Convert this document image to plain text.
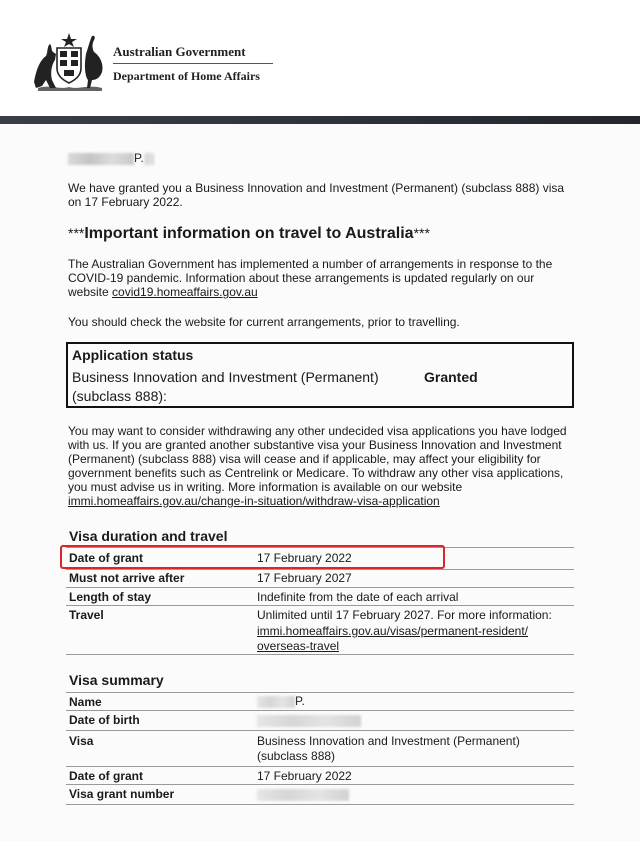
Australian Government
Department of Home Affairs
P.
We have granted you a Business Innovation and Investment (Permanent) (subclass 888) visa on 17 February 2022.
***Important information on travel to Australia***
The Australian Government has implemented a number of arrangements in response to the COVID-19 pandemic. Information about these arrangements is updated regularly on our website covid19.homeaffairs.gov.au
You should check the website for current arrangements, prior to travelling.
Application status
Business Innovation and Investment (Permanent)	Granted
(subclass 888):
You may want to consider withdrawing any other undecided visa applications you have lodged with us. If you are granted another substantive visa your Business Innovation and Investment (Permanent) (subclass 888) visa will cease and if applicable, may affect your eligibility for government benefits such as Centrelink or Medicare. To withdraw any other visa applications, you must advise us in writing. More information is available on our website immi.homeaffairs.gov.au/change-in-situation/withdraw-visa-application
Visa duration and travel
Date of grant	17 February 2022
Must not arrive after	17 February 2027
Length of stay	Indefinite from the date of each arrival
Travel	Unlimited until 17 February 2027. For more information:
immi.homeaffairs.gov.au/visas/permanent-resident/
overseas-travel
Visa summary
Name	P.
Date of birth
Visa	Business Innovation and Investment (Permanent)
(subclass 888)
Date of grant	17 February 2022
Visa grant number
